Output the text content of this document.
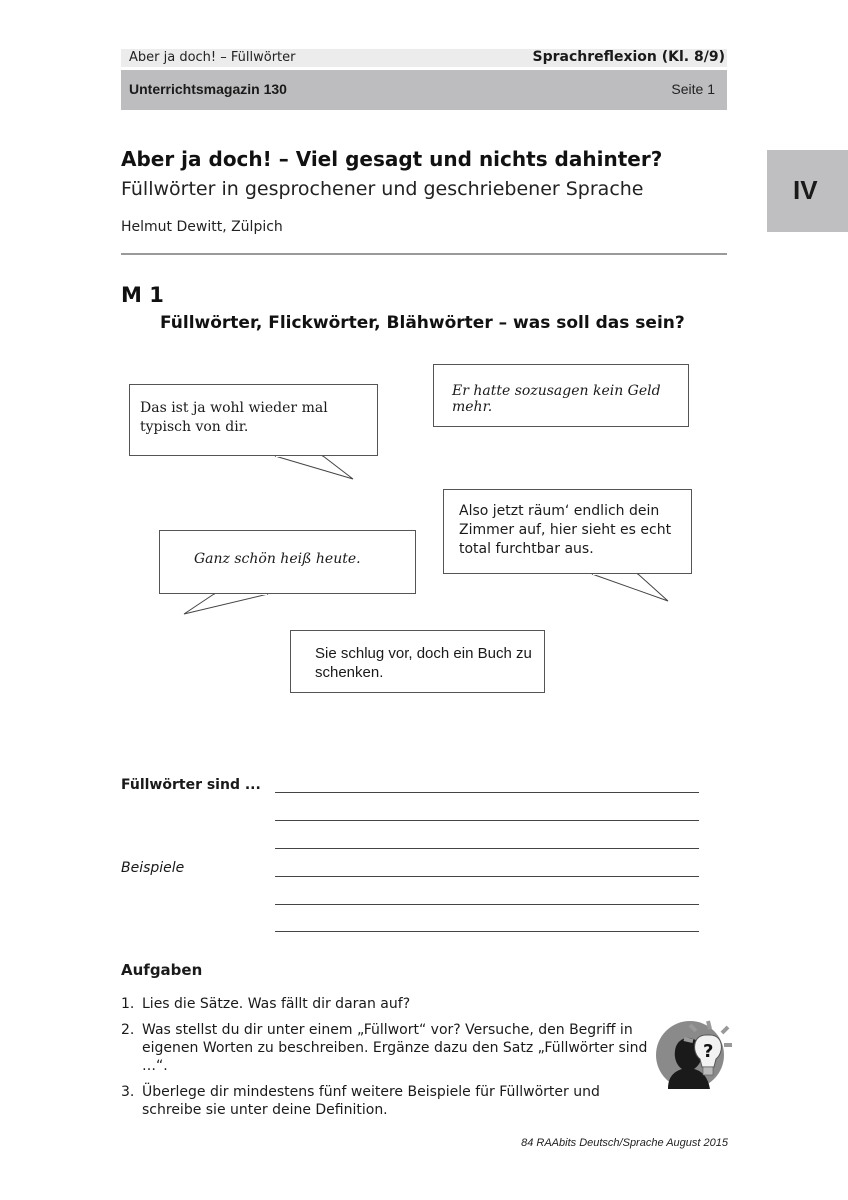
Aber ja doch! – Füllwörter	Sprachreflexion (Kl. 8/9)
Unterrichtsmagazin 130	Seite 1
IV
Aber ja doch! – Viel gesagt und nichts dahinter?
Füllwörter in gesprochener und geschriebener Sprache
Helmut Dewitt, Zülpich
M 1
Füllwörter, Flickwörter, Blähwörter – was soll das sein?
Das ist ja wohl wieder mal typisch von dir.
Er hatte sozusagen kein Geld mehr.
Also jetzt räum‘ endlich dein Zimmer auf, hier sieht es echt total furchtbar aus.
Ganz schön heiß heute.
Sie schlug vor, doch ein Buch zu schenken.
Füllwörter sind ...
Beispiele
Aufgaben
1. Lies die Sätze. Was fällt dir daran auf?
2. Was stellst du dir unter einem „Füllwort“ vor? Versuche, den Begriff in eigenen Worten zu beschreiben. Ergänze dazu den Satz „Füllwörter sind …“.
3. Überlege dir mindestens fünf weitere Beispiele für Füllwörter und schreibe sie unter deine Definition.
?
84 RAAbits Deutsch/Sprache August 2015
